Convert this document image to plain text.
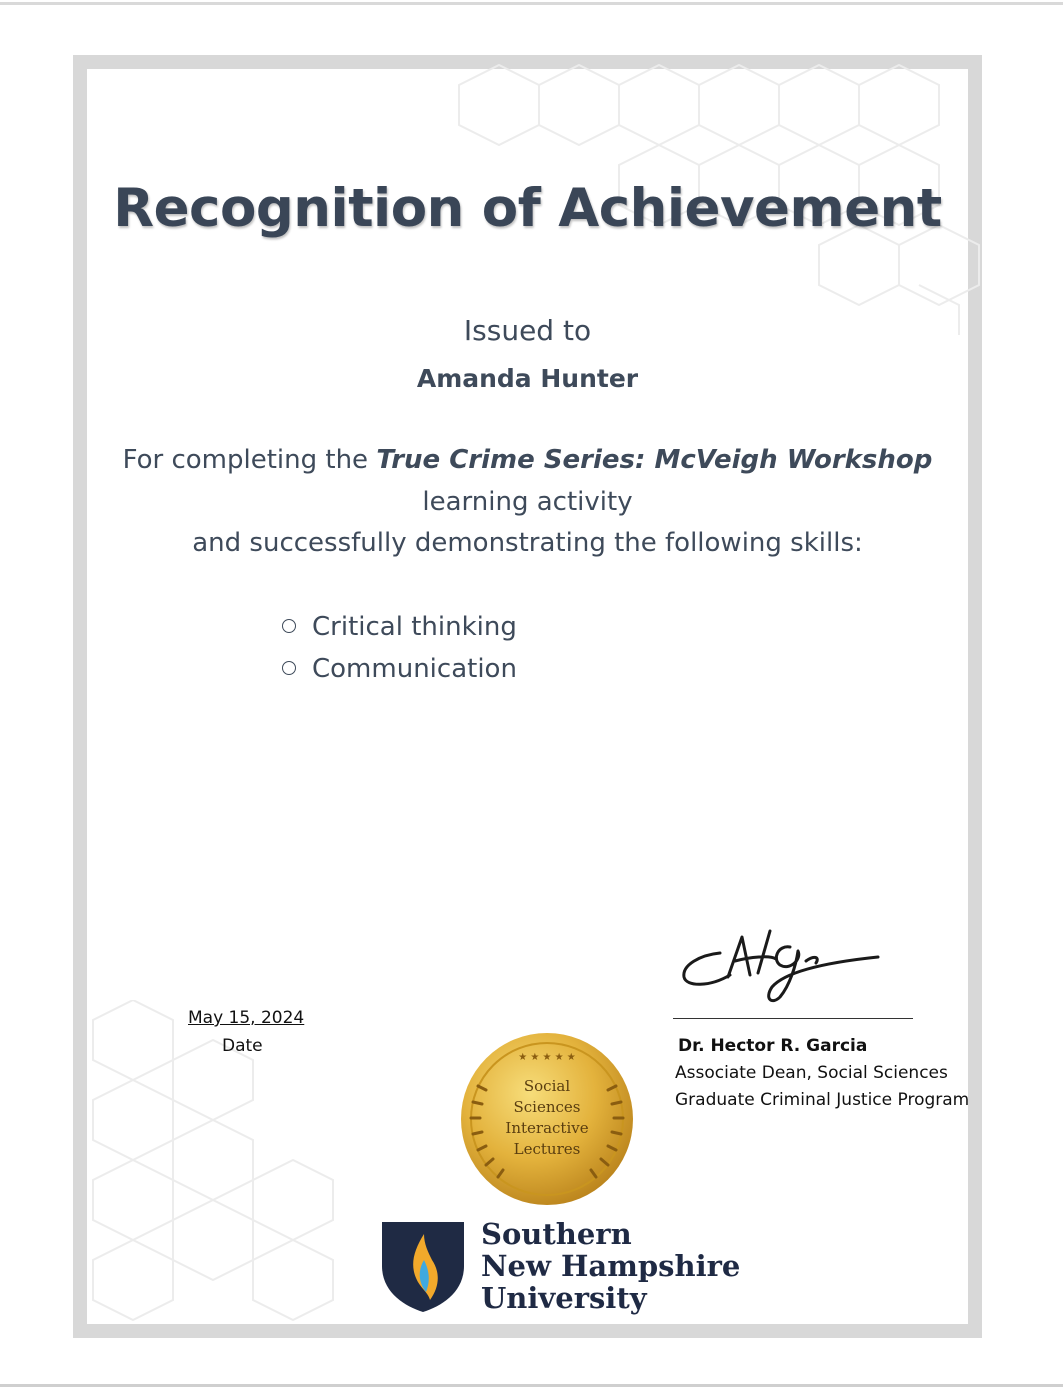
Recognition of Achievement
Issued to
Amanda Hunter
For completing the True Crime Series: McVeigh Workshop
learning activity
and successfully demonstrating the following skills:
Critical thinking
Communication
May 15, 2024
Date	Dr. Hector R. Garcia
Associate Dean, Social Sciences
Graduate Criminal Justice Program
★ ★ ★ ★ ★
Social
Sciences
Interactive
Lectures
Southern
New Hampshire
University
